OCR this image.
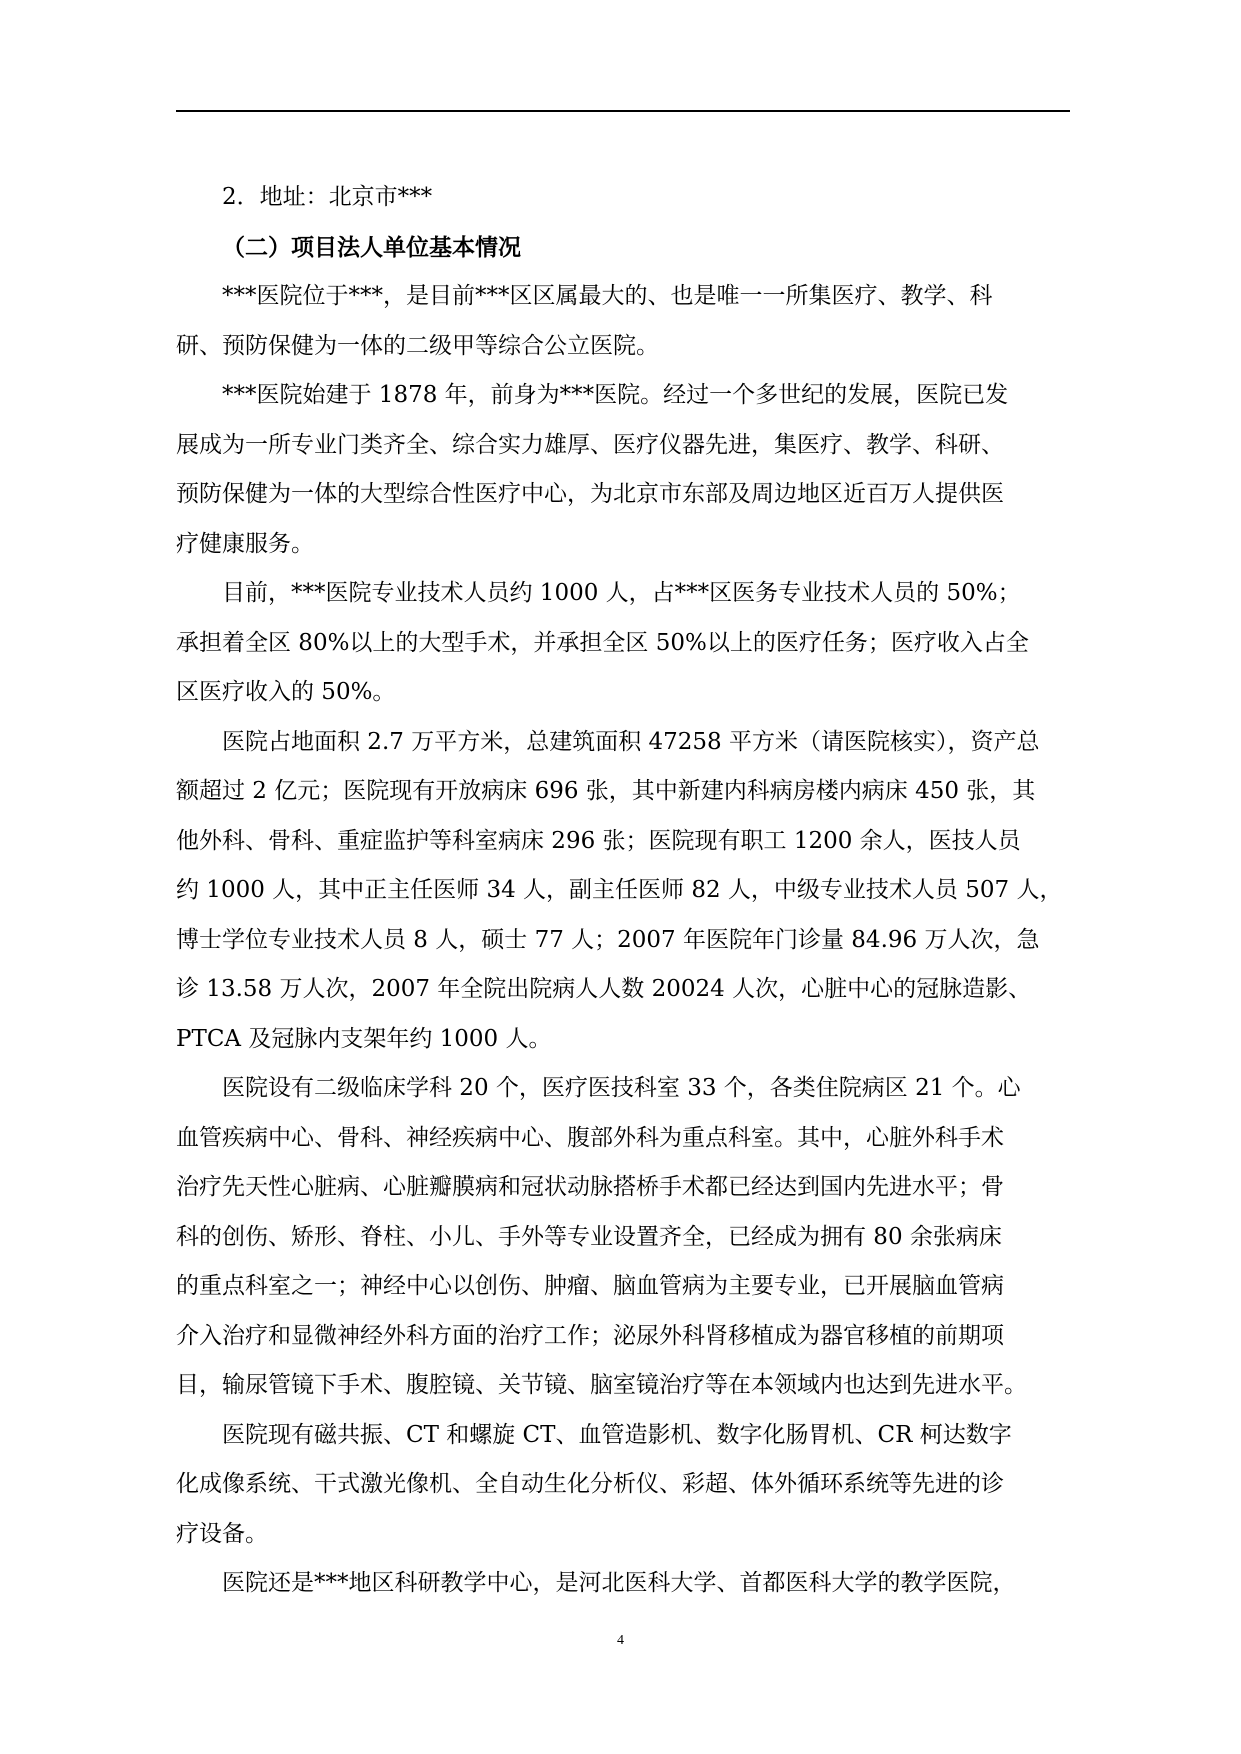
2．地址：北京市***
（二）项目法人单位基本情况
***医院位于***，是目前***区区属最大的、也是唯一一所集医疗、教学、科
研、预防保健为一体的二级甲等综合公立医院。
***医院始建于 1878 年，前身为***医院。经过一个多世纪的发展，医院已发
展成为一所专业门类齐全、综合实力雄厚、医疗仪器先进，集医疗、教学、科研、
预防保健为一体的大型综合性医疗中心，为北京市东部及周边地区近百万人提供医
疗健康服务。
目前，***医院专业技术人员约 1000 人，占***区医务专业技术人员的 50%；
承担着全区 80%以上的大型手术，并承担全区 50%以上的医疗任务；医疗收入占全
区医疗收入的 50%。
医院占地面积 2.7 万平方米，总建筑面积 47258 平方米（请医院核实），资产总
额超过 2 亿元；医院现有开放病床 696 张，其中新建内科病房楼内病床 450 张，其
他外科、骨科、重症监护等科室病床 296 张；医院现有职工 1200 余人，医技人员
约 1000 人，其中正主任医师 34 人，副主任医师 82 人，中级专业技术人员 507 人，
博士学位专业技术人员 8 人，硕士 77 人；2007 年医院年门诊量 84.96 万人次，急
诊 13.58 万人次，2007 年全院出院病人人数 20024 人次，心脏中心的冠脉造影、
PTCA 及冠脉内支架年约 1000 人。
医院设有二级临床学科 20 个，医疗医技科室 33 个，各类住院病区 21 个。心
血管疾病中心、骨科、神经疾病中心、腹部外科为重点科室。其中，心脏外科手术
治疗先天性心脏病、心脏瓣膜病和冠状动脉搭桥手术都已经达到国内先进水平；骨
科的创伤、矫形、脊柱、小儿、手外等专业设置齐全，已经成为拥有 80 余张病床
的重点科室之一；神经中心以创伤、肿瘤、脑血管病为主要专业，已开展脑血管病
介入治疗和显微神经外科方面的治疗工作；泌尿外科肾移植成为器官移植的前期项
目，输尿管镜下手术、腹腔镜、关节镜、脑室镜治疗等在本领域内也达到先进水平。
医院现有磁共振、CT 和螺旋 CT、血管造影机、数字化肠胃机、CR 柯达数字
化成像系统、干式激光像机、全自动生化分析仪、彩超、体外循环系统等先进的诊
疗设备。
医院还是***地区科研教学中心，是河北医科大学、首都医科大学的教学医院，
4
